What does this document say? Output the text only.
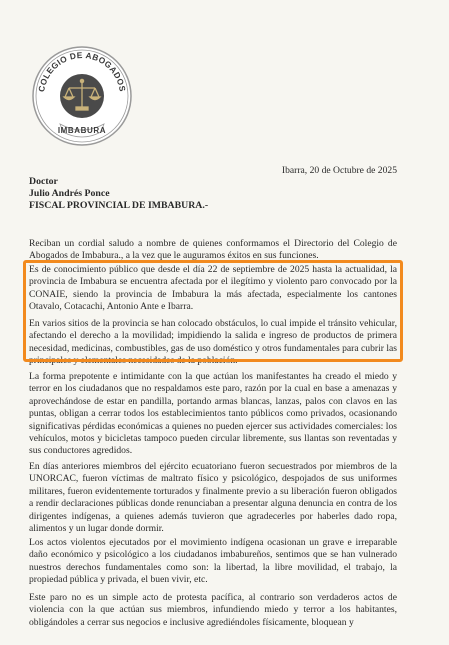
COLEGIO DE ABOGADOS
IMBABURA
Ibarra, 20 de Octubre de 2025
Doctor
Julio Andrés Ponce
FISCAL PROVINCIAL DE IMBABURA.-

Reciban un cordial saludo a nombre de quienes conformamos el Directorio del Colegio de Abogados de Imbabura., a la vez que le auguramos éxitos en sus funciones.

Es de conocimiento público que desde el día 22 de septiembre de 2025 hasta la actualidad, la provincia de Imbabura se encuentra afectada por el ilegítimo y violento paro convocado por la CONAIE, siendo la provincia de Imbabura la más afectada, especialmente los cantones Otavalo, Cotacachi, Antonio Ante e Ibarra.

En varios sitios de la provincia se han colocado obstáculos, lo cual impide el tránsito vehicular, afectando el derecho a la movilidad; impidiendo la salida e ingreso de productos de primera necesidad, medicinas, combustibles, gas de uso doméstico y otros fundamentales para cubrir las principales y elementales necesidades de la población.

La forma prepotente e intimidante con la que actúan los manifestantes ha creado el miedo y terror en los ciudadanos que no respaldamos este paro, razón por la cual en base a amenazas y aprovechándose de estar en pandilla, portando armas blancas, lanzas, palos con clavos en las puntas, obligan a cerrar todos los establecimientos tanto públicos como privados, ocasionando significativas pérdidas económicas a quienes no pueden ejercer sus actividades comerciales: los vehículos, motos y bicicletas tampoco pueden circular libremente, sus llantas son reventadas y sus conductores agredidos.

En días anteriores miembros del ejército ecuatoriano fueron secuestrados por miembros de la UNORCAC, fueron víctimas de maltrato físico y psicológico, despojados de sus uniformes militares, fueron evidentemente torturados y finalmente previo a su liberación fueron obligados a rendir declaraciones públicas donde renunciaban a presentar alguna denuncia en contra de los dirigentes indígenas, a quienes además tuvieron que agradecerles por haberles dado ropa, alimentos y un lugar donde dormir.

Los actos violentos ejecutados por el movimiento indígena ocasionan un grave e irreparable daño económico y psicológico a los ciudadanos imbabureños, sentimos que se han vulnerado nuestros derechos fundamentales como son: la libertad, la libre movilidad, el trabajo, la propiedad pública y privada, el buen vivir, etc.

Este paro no es un simple acto de protesta pacífica, al contrario son verdaderos actos de violencia con la que actúan sus miembros, infundiendo miedo y terror a los habitantes, obligándoles a cerrar sus negocios e inclusive agrediéndoles físicamente, bloquean y
